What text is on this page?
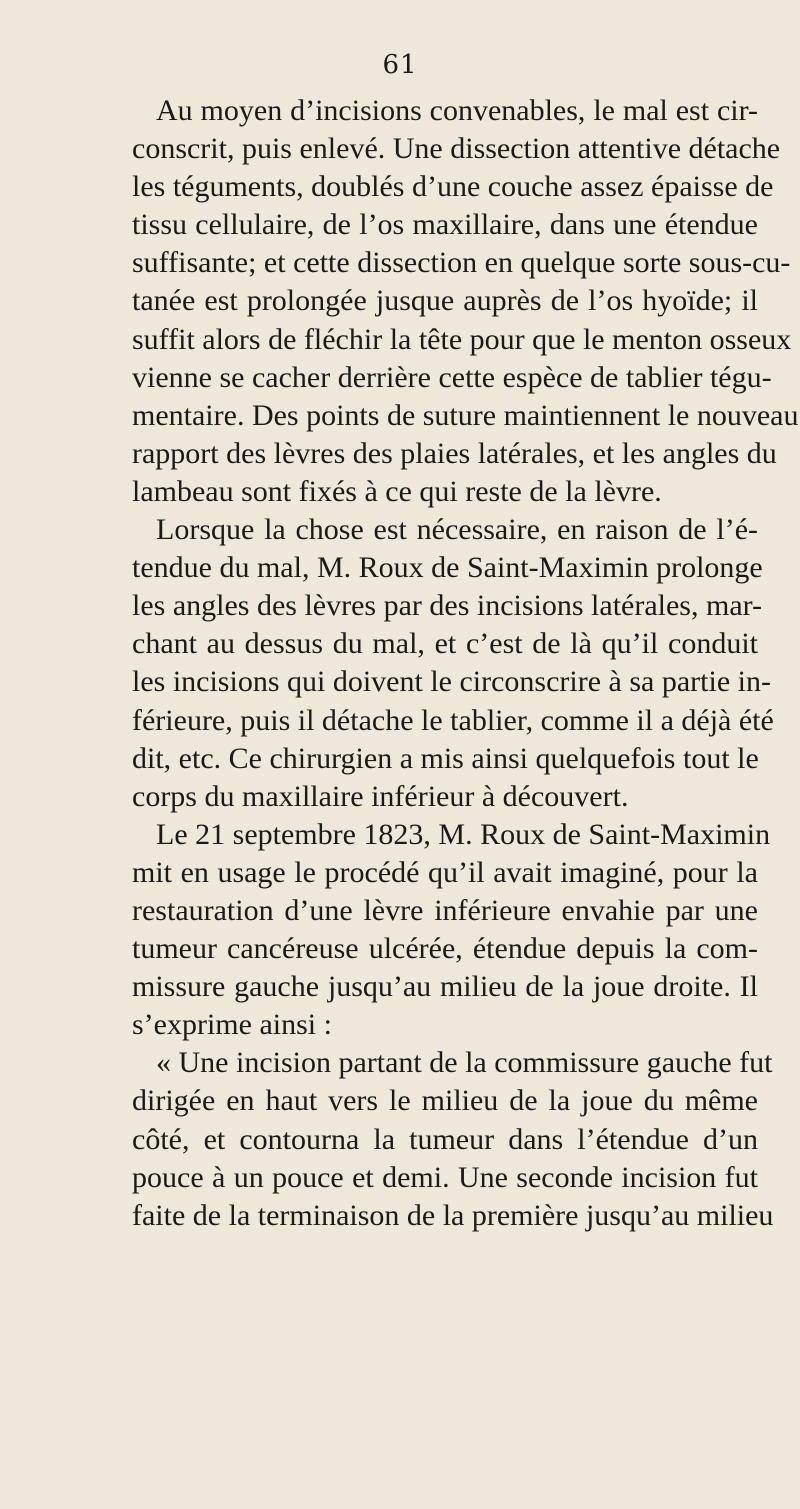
61
Au moyen d’incisions convenables, le mal est cir-
conscrit, puis enlevé. Une dissection attentive détache
les téguments, doublés d’une couche assez épaisse de
tissu cellulaire, de l’os maxillaire, dans une étendue
suffisante; et cette dissection en quelque sorte sous-cu-
tanée est prolongée jusque auprès de l’os hyoïde; il
suffit alors de fléchir la tête pour que le menton osseux
vienne se cacher derrière cette espèce de tablier tégu-
mentaire. Des points de suture maintiennent le nouveau
rapport des lèvres des plaies latérales, et les angles du
lambeau sont fixés à ce qui reste de la lèvre.
Lorsque la chose est nécessaire, en raison de l’é-
tendue du mal, M. Roux de Saint-Maximin prolonge
les angles des lèvres par des incisions latérales, mar-
chant au dessus du mal, et c’est de là qu’il conduit
les incisions qui doivent le circonscrire à sa partie in-
férieure, puis il détache le tablier, comme il a déjà été
dit, etc. Ce chirurgien a mis ainsi quelquefois tout le
corps du maxillaire inférieur à découvert.
Le 21 septembre 1823, M. Roux de Saint-Maximin
mit en usage le procédé qu’il avait imaginé, pour la
restauration d’une lèvre inférieure envahie par une
tumeur cancéreuse ulcérée, étendue depuis la com-
missure gauche jusqu’au milieu de la joue droite. Il
s’exprime ainsi :
« Une incision partant de la commissure gauche fut
dirigée en haut vers le milieu de la joue du même
côté, et contourna la tumeur dans l’étendue d’un
pouce à un pouce et demi. Une seconde incision fut
faite de la terminaison de la première jusqu’au milieu
